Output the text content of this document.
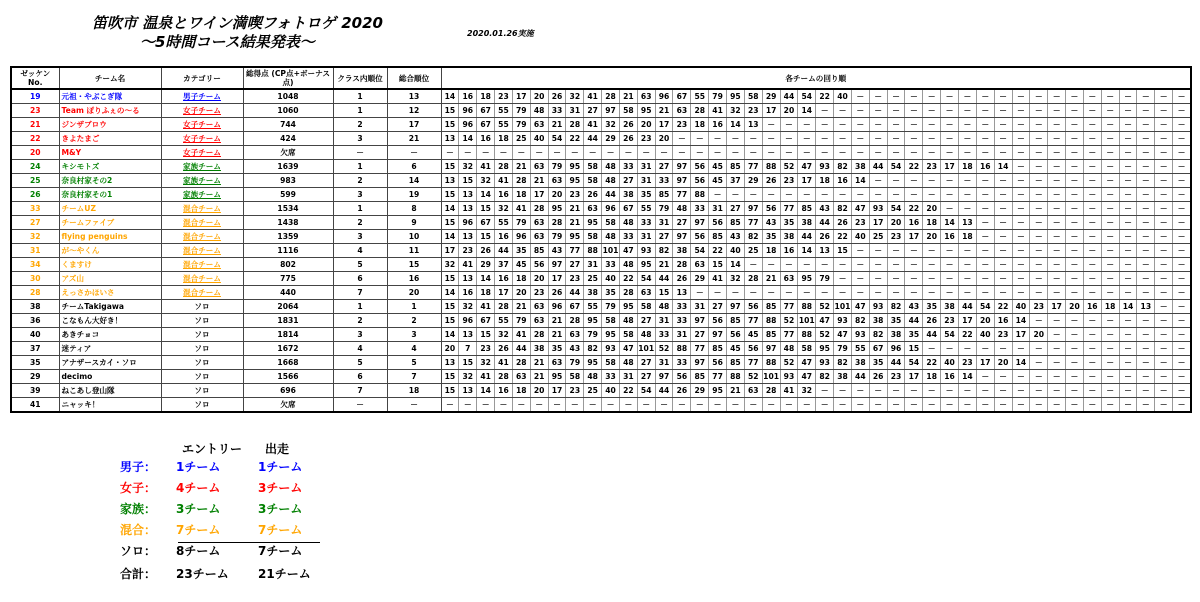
笛吹市 温泉とワイン満喫フォトロゲ 2020
～5時間コース結果発表～	2020.01.26実施
ゼッケン No.	チーム名	カテゴリー	総得点 (CP点+ボーナス点)	クラス内順位	総合順位	各チームの回り順																																									
19	元祖・やぶこぎ隊	男子チーム	1048	1	13	14	16	18	23	17	20	26	32	41	28	21	63	96	67	55	79	95	58	29	44	54	22	40	－	－	－	－	－	－	－	－	－	－	－	－	－	－	－	－	－	－	－
23	Team ぽりふぇの～る	女子チーム	1060	1	12	15	96	67	55	79	48	33	31	27	97	58	95	21	63	28	41	32	23	17	20	14	－	－	－	－	－	－	－	－	－	－	－	－	－	－	－	－	－	－	－	－	－
21	ジンザブロウ	女子チーム	744	2	17	15	96	67	55	79	63	21	28	41	32	26	20	17	23	18	16	14	13	－	－	－	－	－	－	－	－	－	－	－	－	－	－	－	－	－	－	－	－	－	－	－	－
22	きよたまご	女子チーム	424	3	21	13	14	16	18	25	40	54	22	44	29	26	23	20	－	－	－	－	－	－	－	－	－	－	－	－	－	－	－	－	－	－	－	－	－	－	－	－	－	－	－	－	－
20	M&Y	女子チーム	欠席	－	－	－	－	－	－	－	－	－	－	－	－	－	－	－	－	－	－	－	－	－	－	－	－	－	－	－	－	－	－	－	－	－	－	－	－	－	－	－	－	－	－	－	－
24	キシモトズ	家族チーム	1639	1	6	15	32	41	28	21	63	79	95	58	48	33	31	27	97	56	45	85	77	88	52	47	93	82	38	44	54	22	23	17	18	16	14	－	－	－	－	－	－	－	－	－	－
25	奈良村家その2	家族チーム	983	2	14	13	15	32	41	28	21	63	95	58	48	27	31	33	97	56	45	37	29	26	23	17	18	16	14	－	－	－	－	－	－	－	－	－	－	－	－	－	－	－	－	－	－
26	奈良村家その1	家族チーム	599	3	19	15	13	14	16	18	17	20	23	26	44	38	35	85	77	88	－	－	－	－	－	－	－	－	－	－	－	－	－	－	－	－	－	－	－	－	－	－	－	－	－	－	－
33	チームUZ	混合チーム	1534	1	8	14	13	15	32	41	28	95	21	63	96	67	55	79	48	33	31	27	97	56	77	85	43	82	47	93	54	22	20	－	－	－	－	－	－	－	－	－	－	－	－	－	－
27	チームファイブ	混合チーム	1438	2	9	15	96	67	55	79	63	28	21	95	58	48	33	31	27	97	56	85	77	43	35	38	44	26	23	17	20	16	18	14	13	－	－	－	－	－	－	－	－	－	－	－	－
32	flying penguins	混合チーム	1359	3	10	14	13	15	16	96	63	79	95	58	48	33	31	27	97	56	85	43	82	35	38	44	26	22	40	25	23	17	20	16	18	－	－	－	－	－	－	－	－	－	－	－	－
31	が～やくん	混合チーム	1116	4	11	17	23	26	44	35	85	43	77	88	101	47	93	82	38	54	22	40	25	18	16	14	13	15	－	－	－	－	－	－	－	－	－	－	－	－	－	－	－	－	－	－	－
34	くますけ	混合チーム	802	5	15	32	41	29	37	45	56	97	27	31	33	48	95	21	28	63	15	14	－	－	－	－	－	－	－	－	－	－	－	－	－	－	－	－	－	－	－	－	－	－	－	－	－
30	アズ山	混合チーム	775	6	16	15	13	14	16	18	20	17	23	25	40	22	54	44	26	29	41	32	28	21	63	95	79	－	－	－	－	－	－	－	－	－	－	－	－	－	－	－	－	－	－	－	－
28	えっさかほいさ	混合チーム	440	7	20	14	16	18	17	20	23	26	44	38	35	28	63	15	13	－	－	－	－	－	－	－	－	－	－	－	－	－	－	－	－	－	－	－	－	－	－	－	－	－	－	－	－
38	チームTakigawa	ソロ	2064	1	1	15	32	41	28	21	63	96	67	55	79	95	58	48	33	31	27	97	56	85	77	88	52	101	47	93	82	43	35	38	44	54	22	40	23	17	20	16	18	14	13	－	－
36	こなもん大好き！	ソロ	1831	2	2	15	96	67	55	79	63	21	28	95	58	48	27	31	33	97	56	85	77	88	52	101	47	93	82	38	35	44	26	23	17	20	16	14	－	－	－	－	－	－	－	－	－
40	あきチョコ	ソロ	1814	3	3	14	13	15	32	41	28	21	63	79	95	58	48	33	31	27	97	56	45	85	77	88	52	47	93	82	38	35	44	54	22	40	23	17	20	－	－	－	－	－	－	－	－
37	迷ティア	ソロ	1672	4	4	20	7	23	26	44	38	35	43	82	93	47	101	52	88	77	85	45	56	97	48	58	95	79	55	67	96	15	－	－	－	－	－	－	－	－	－	－	－	－	－	－	－
35	アナザースカイ・ソロ	ソロ	1668	5	5	13	15	32	41	28	21	63	79	95	58	48	27	31	33	97	56	85	77	88	52	47	93	82	38	35	44	54	22	40	23	17	20	14	－	－	－	－	－	－	－	－	－
29	decimo	ソロ	1566	6	7	15	32	41	28	63	21	95	58	48	33	31	27	97	56	85	77	88	52	101	93	47	82	38	44	26	23	17	18	16	14	－	－	－	－	－	－	－	－	－	－	－	－
39	ねこあし登山隊	ソロ	696	7	18	15	13	14	16	18	20	17	23	25	40	22	54	44	26	29	95	21	63	28	41	32	－	－	－	－	－	－	－	－	－	－	－	－	－	－	－	－	－	－	－	－	－
41	ニャッキ！	ソロ	欠席	－	－	－	－	－	－	－	－	－	－	－	－	－	－	－	－	－	－	－	－	－	－	－	－	－	－	－	－	－	－	－	－	－	－	－	－	－	－	－	－	－	－	－	－
エントリー 出走
男子： 1チーム	1チーム
女子： 4チーム	3チーム
家族： 3チーム	3チーム
混合： 7チーム	7チーム
ソロ： 8チーム	7チーム
合計： 23チーム 21チーム
